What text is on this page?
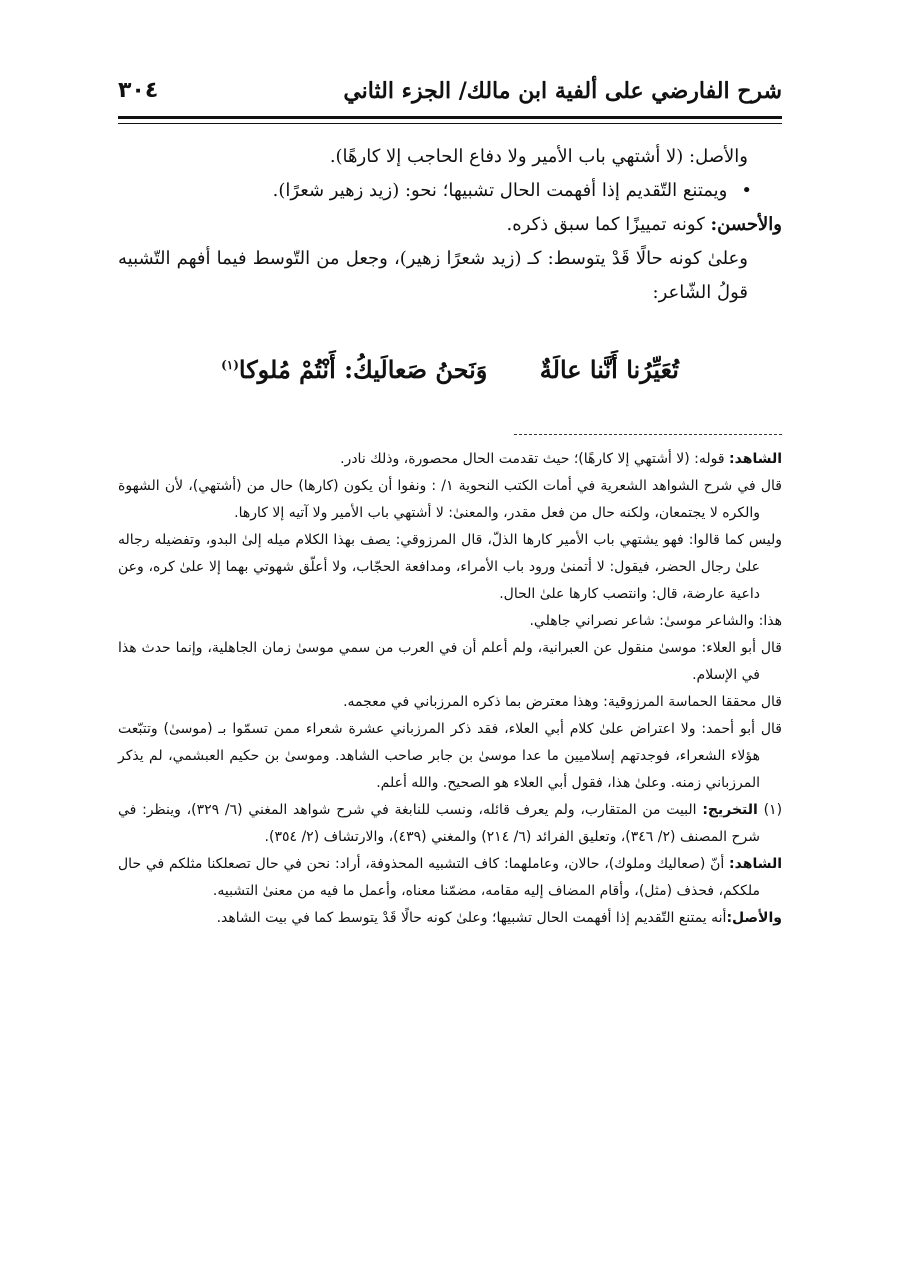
شرح الفارضي على ألفية ابن مالك/ الجزء الثاني
٣٠٤

والأصل: (لا أشتهي باب الأمير ولا دفاع الحاجب إلا كارهًا).

•ويمتنع التّقديم إذا أفهمت الحال تشبيها؛ نحو: (زيد زهير شعرًا).

والأحسن: كونه تمييزًا كما سبق ذكره.

وعلىٰ كونه حالًا قَدْ يتوسط: كـ (زيد شعرًا زهير)، وجعل من التّوسط فيما أفهم التّشبيه قولُ الشّاعر:

تُعَيِّرُنا أَنَّنا عالَةٌ وَنَحنُ صَعالَيكُ: أَنْتُمْ مُلوكا$^{(١)}$

الشاهد: قوله: (لا أشتهي إلا كارهًا)؛ حيث تقدمت الحال محصورة، وذلك نادر.

قال في شرح الشواهد الشعرية في أمات الكتب النحوية ١/ : ونفوا أن يكون (كارها) حال من (أشتهي)، لأن الشهوة والكره لا يجتمعان، ولكنه حال من فعل مقدر، والمعنىٰ: لا أشتهي باب الأمير ولا آتيه إلا كارها.

وليس كما قالوا: فهو يشتهي باب الأمير كارها الذلّ، قال المرزوقي: يصف بهذا الكلام ميله إلىٰ البدو، وتفضيله رجاله علىٰ رجال الحضر، فيقول: لا أتمنىٰ ورود باب الأمراء، ومدافعة الحجّاب، ولا أعلّق شهوتي بهما إلا علىٰ كره، وعن داعية عارضة، قال: وانتصب كارها علىٰ الحال.

هذا: والشاعر موسىٰ: شاعر نصراني جاهلي.

قال أبو العلاء: موسىٰ منقول عن العبرانية، ولم أعلم أن في العرب من سمي موسىٰ زمان الجاهلية، وإنما حدث هذا في الإسلام.

قال محققا الحماسة المرزوقية: وهذا معترض بما ذكره المرزباني في معجمه.

قال أبو أحمد: ولا اعتراض علىٰ كلام أبي العلاء، فقد ذكر المرزباني عشرة شعراء ممن تسمّوا بـ (موسىٰ) وتتبّعت هؤلاء الشعراء، فوجدتهم إسلاميين ما عدا موسىٰ بن جابر صاحب الشاهد. وموسىٰ بن حكيم العبشمي، لم يذكر المرزباني زمنه. وعلىٰ هذا، فقول أبي العلاء هو الصحيح. والله أعلم.

(١) التخريج: البيت من المتقارب، ولم يعرف قائله، ونسب للنابغة في شرح شواهد المغني (٦/ ٣٢٩)، وينظر: في شرح المصنف (٢/ ٣٤٦)، وتعليق الفرائد (٦/ ٢١٤) والمغني (٤٣٩)، والارتشاف (٢/ ٣٥٤).

الشاهد: أنّ (صعاليك وملوك)، حالان، وعاملهما: كاف التشبيه المحذوفة، أراد: نحن في حال تصعلكنا مثلكم في حال ملككم، فحذف (مثل)، وأقام المضاف إليه مقامه، مضمّنا معناه، وأعمل ما فيه من معنىٰ التشبيه.

والأصل:أنه يمتنع التّقديم إذا أفهمت الحال تشبيها؛ وعلىٰ كونه حالًا قَدْ يتوسط كما في بيت الشاهد.
